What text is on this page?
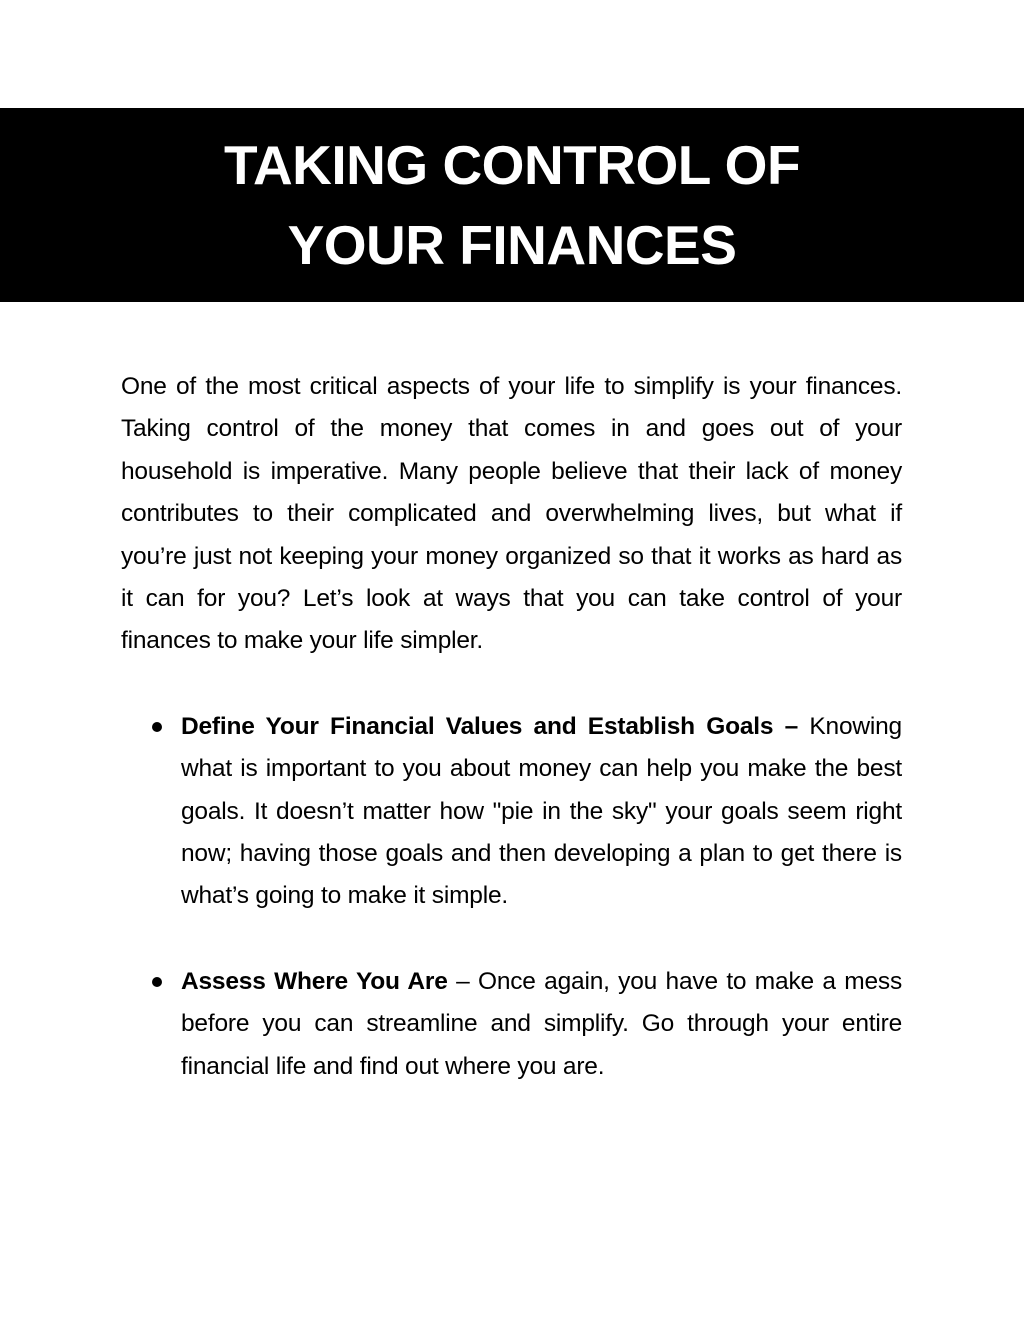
TAKING CONTROL OF
YOUR FINANCES

One of the most critical aspects of your life to simplify is your finances. Taking control of the money that comes in and goes out of your household is imperative. Many people believe that their lack of money contributes to their complicated and overwhelming lives, but what if you’re just not keeping your money organized so that it works as hard as it can for you? Let’s look at ways that you can take control of your finances to make your life simpler.

Define Your Financial Values and Establish Goals – Knowing what is important to you about money can help you make the best goals. It doesn’t matter how "pie in the sky" your goals seem right now; having those goals and then developing a plan to get there is what’s going to make it simple.
Assess Where You Are – Once again, you have to make a mess before you can streamline and simplify. Go through your entire financial life and find out where you are.
